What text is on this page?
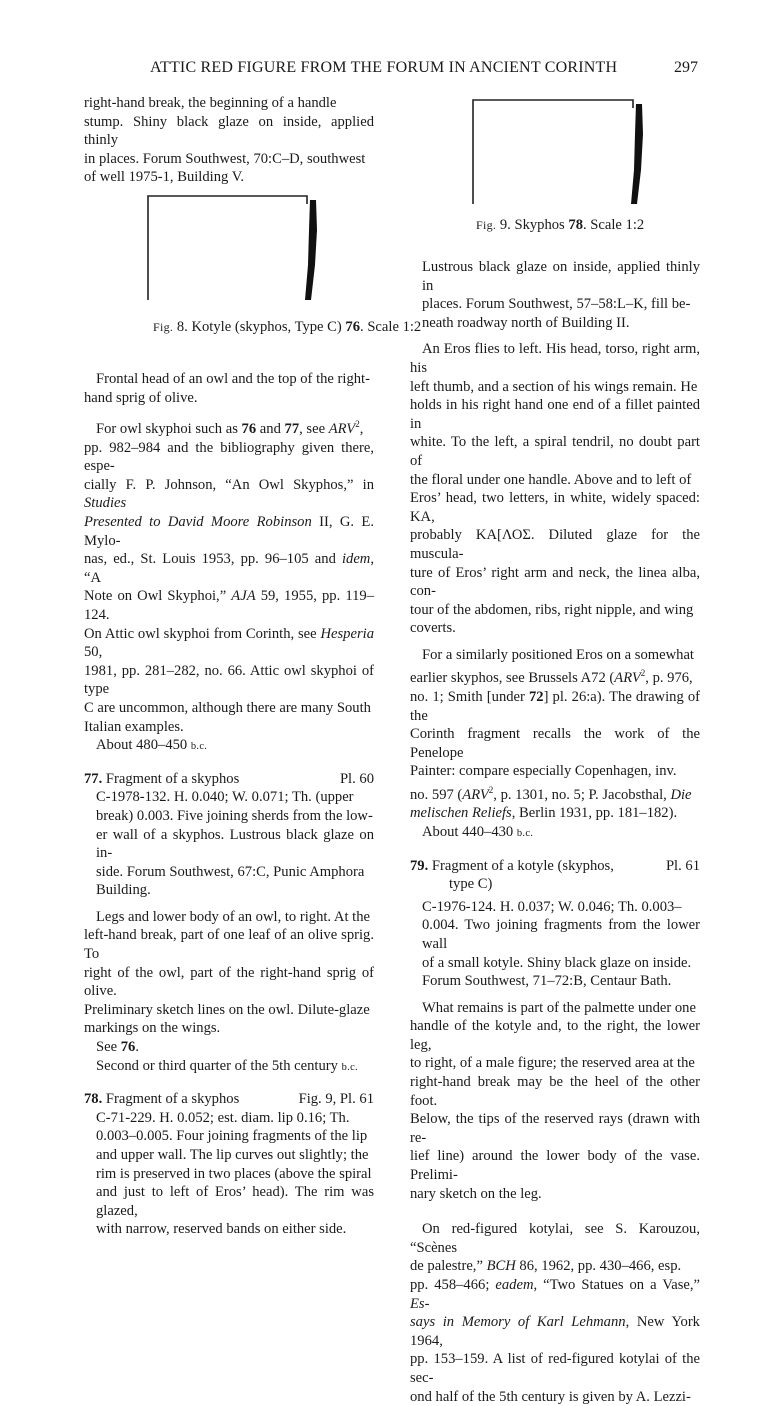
ATTIC RED FIGURE FROM THE FORUM IN ANCIENT CORINTH	297
Fig. 8. Kotyle (skyphos, Type C) 76. Scale 1:2
Fig. 9. Skyphos 78. Scale 1:2

right-hand break, the beginning of a handle

stump. Shiny black glaze on inside, applied thinly

in places. Forum Southwest, 70:C–D, southwest

of well 1975-1, Building V.

Frontal head of an owl and the top of the right-

hand sprig of olive.

For owl skyphoi such as 76 and 77, see ARV$^2$,

pp. 982–984 and the bibliography given there, espe-

cially F. P. Johnson, “An Owl Skyphos,” in Studies

Presented to David Moore Robinson II, G. E. Mylo-

nas, ed., St. Louis 1953, pp. 96–105 and idem, “A

Note on Owl Skyphoi,” AJA 59, 1955, pp. 119–124.

On Attic owl skyphoi from Corinth, see Hesperia 50,

1981, pp. 281–282, no. 66. Attic owl skyphoi of type

C are uncommon, although there are many South

Italian examples.

About 480–450 b.c.

77. Fragment of a skyphos	Pl. 60

C-1978-132. H. 0.040; W. 0.071; Th. (upper

break) 0.003. Five joining sherds from the low-

er wall of a skyphos. Lustrous black glaze on in-

side. Forum Southwest, 67:C, Punic Amphora

Building.

Legs and lower body of an owl, to right. At the

left-hand break, part of one leaf of an olive sprig. To

right of the owl, part of the right-hand sprig of olive.

Preliminary sketch lines on the owl. Dilute-glaze

markings on the wings.

See 76.

Second or third quarter of the 5th century b.c.

78. Fragment of a skyphos	Fig. 9, Pl. 61

C-71-229. H. 0.052; est. diam. lip 0.16; Th.

0.003–0.005. Four joining fragments of the lip

and upper wall. The lip curves out slightly; the

rim is preserved in two places (above the spiral

and just to left of Eros’ head). The rim was glazed,

with narrow, reserved bands on either side.

Lustrous black glaze on inside, applied thinly in

places. Forum Southwest, 57–58:L–K, fill be-

neath roadway north of Building II.

An Eros flies to left. His head, torso, right arm, his

left thumb, and a section of his wings remain. He

holds in his right hand one end of a fillet painted in

white. To the left, a spiral tendril, no doubt part of

the floral under one handle. Above and to left of

Eros’ head, two letters, in white, widely spaced: ΚΑ,

probably ΚΑ[ΛΟΣ. Diluted glaze for the muscula-

ture of Eros’ right arm and neck, the linea alba, con-

tour of the abdomen, ribs, right nipple, and wing

coverts.

For a similarly positioned Eros on a somewhat

earlier skyphos, see Brussels A72 (ARV$^2$, p. 976,

no. 1; Smith [under 72] pl. 26:a). The drawing of the

Corinth fragment recalls the work of the Penelope

Painter: compare especially Copenhagen, inv.

no. 597 (ARV$^2$, p. 1301, no. 5; P. Jacobsthal, Die

melischen Reliefs, Berlin 1931, pp. 181–182).

About 440–430 b.c.

79. Fragment of a kotyle (skyphos,	Pl. 61

type C)

C-1976-124. H. 0.037; W. 0.046; Th. 0.003–

0.004. Two joining fragments from the lower wall

of a small kotyle. Shiny black glaze on inside.

Forum Southwest, 71–72:B, Centaur Bath.

What remains is part of the palmette under one

handle of the kotyle and, to the right, the lower leg,

to right, of a male figure; the reserved area at the

right-hand break may be the heel of the other foot.

Below, the tips of the reserved rays (drawn with re-

lief line) around the lower body of the vase. Prelimi-

nary sketch on the leg.

On red-figured kotylai, see S. Karouzou, “Scènes

de palestre,” BCH 86, 1962, pp. 430–466, esp.

pp. 458–466; eadem, “Two Statues on a Vase,” Es-

says in Memory of Karl Lehmann, New York 1964,

pp. 153–159. A list of red-figured kotylai of the sec-

ond half of the 5th century is given by A. Lezzi-
